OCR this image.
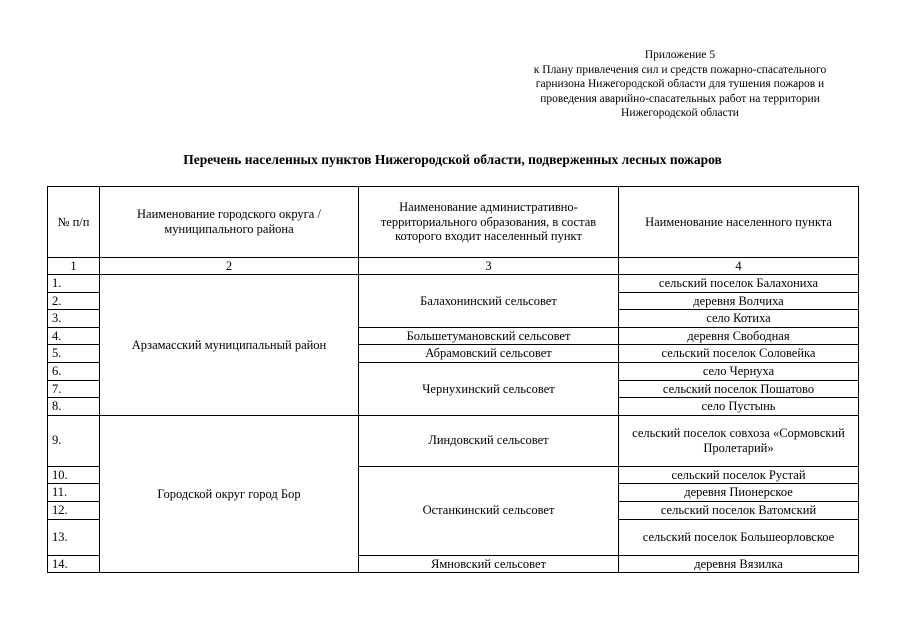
Приложение 5
к Плану привлечения сил и средств пожарно-спасательного
гарнизона Нижегородской области для тушения пожаров и
проведения аварийно-спасательных работ на территории
Нижегородской области
Перечень населенных пунктов Нижегородской области, подверженных лесных пожаров
№ п/п	Наименование городского округа / муниципального района	Наименование административно-территориального образования, в состав которого входит населенный пункт	Наименование населенного пункта
1	2	3	4
1.	Арзамасский муниципальный район	Балахонинский сельсовет	сельский поселок Балахониха
2.			деревня Волчиха
3.			село Котиха
4.		Большетумановский сельсовет	деревня Свободная
5.		Абрамовский сельсовет	сельский поселок Соловейка
6.		Чернухинский сельсовет	село Чернуха
7.			сельский поселок Пошатово
8.			село Пустынь
9.	Городской округ город Бор	Линдовский сельсовет	сельский поселок совхоза «Сормовский Пролетарий»
10.		Останкинский сельсовет	сельский поселок Рустай
11.			деревня Пионерское
12.			сельский поселок Ватомский
13.			сельский поселок Большеорловское
14.		Ямновский сельсовет	деревня Вязилка
